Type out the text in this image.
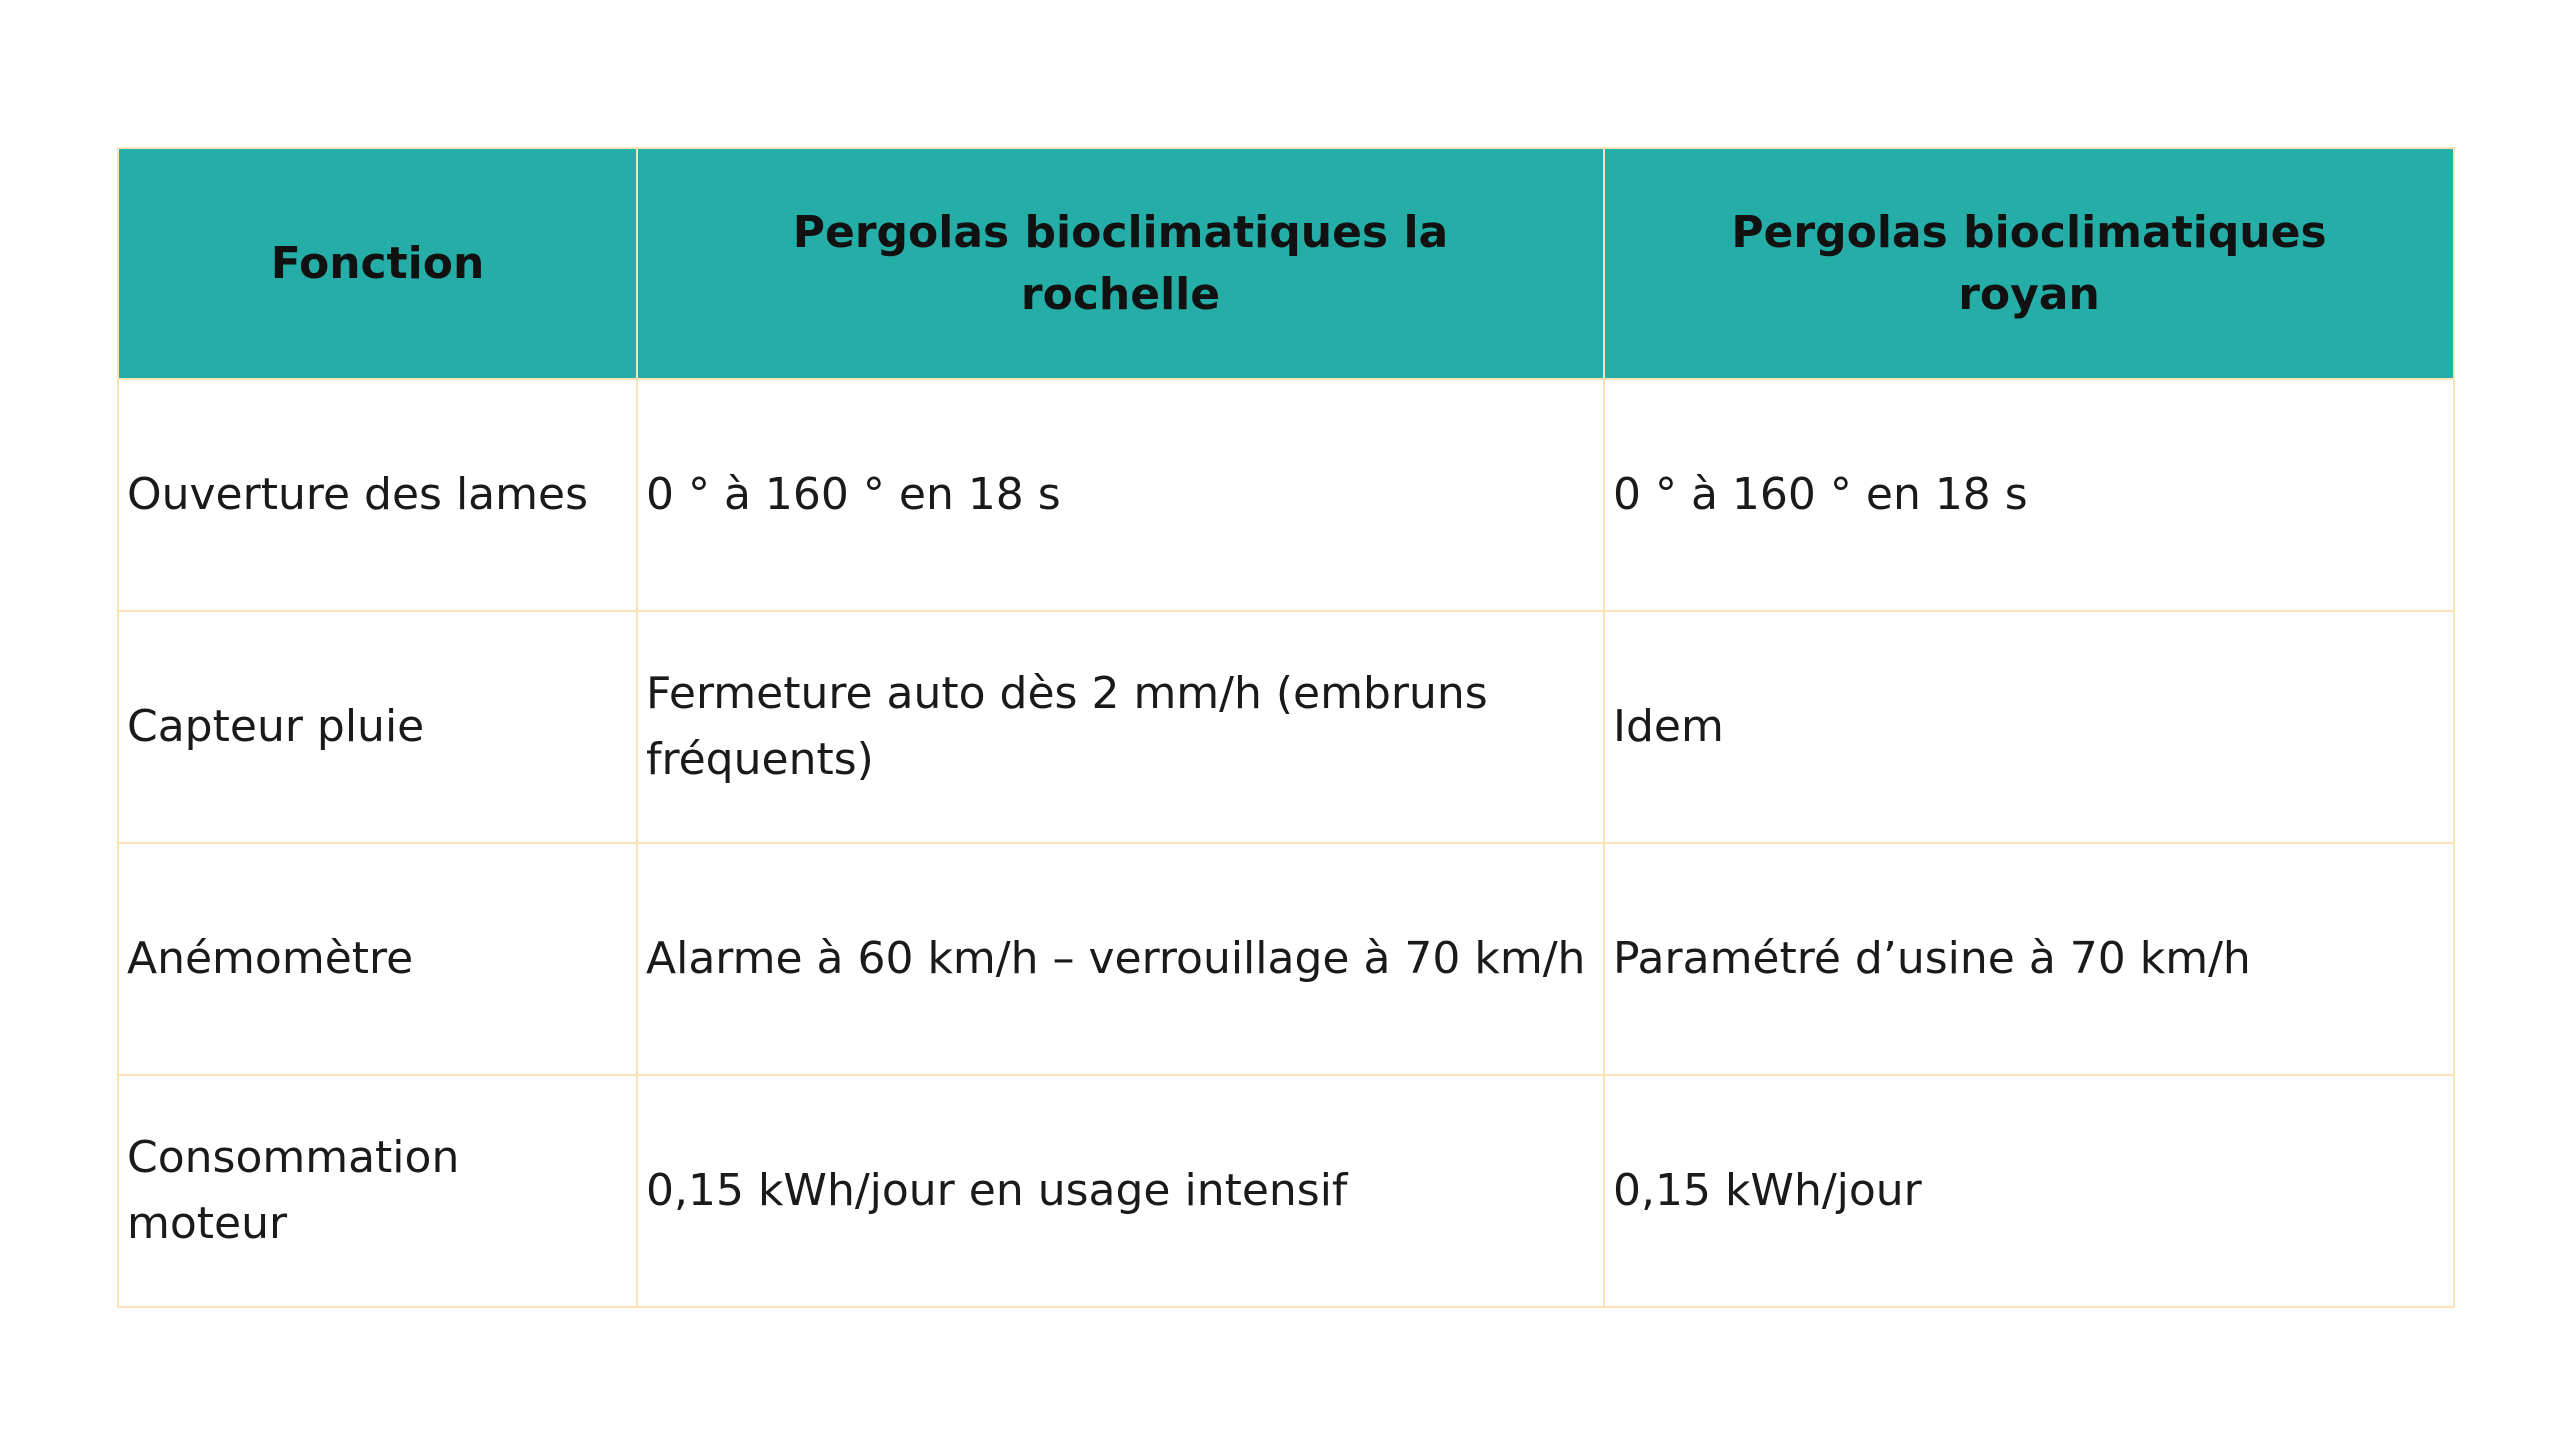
Fonction	Pergolas bioclimatiques la rochelle	Pergolas bioclimatiques royan
Ouverture des lames	0 ° à 160 ° en 18 s	0 ° à 160 ° en 18 s
Capteur pluie	Fermeture auto dès 2 mm/h (embruns fréquents)	Idem
Anémomètre	Alarme à 60 km/h – verrouillage à 70 km/h	Paramétré d’usine à 70 km/h
Consommation moteur	0,15 kWh/jour en usage intensif	0,15 kWh/jour
